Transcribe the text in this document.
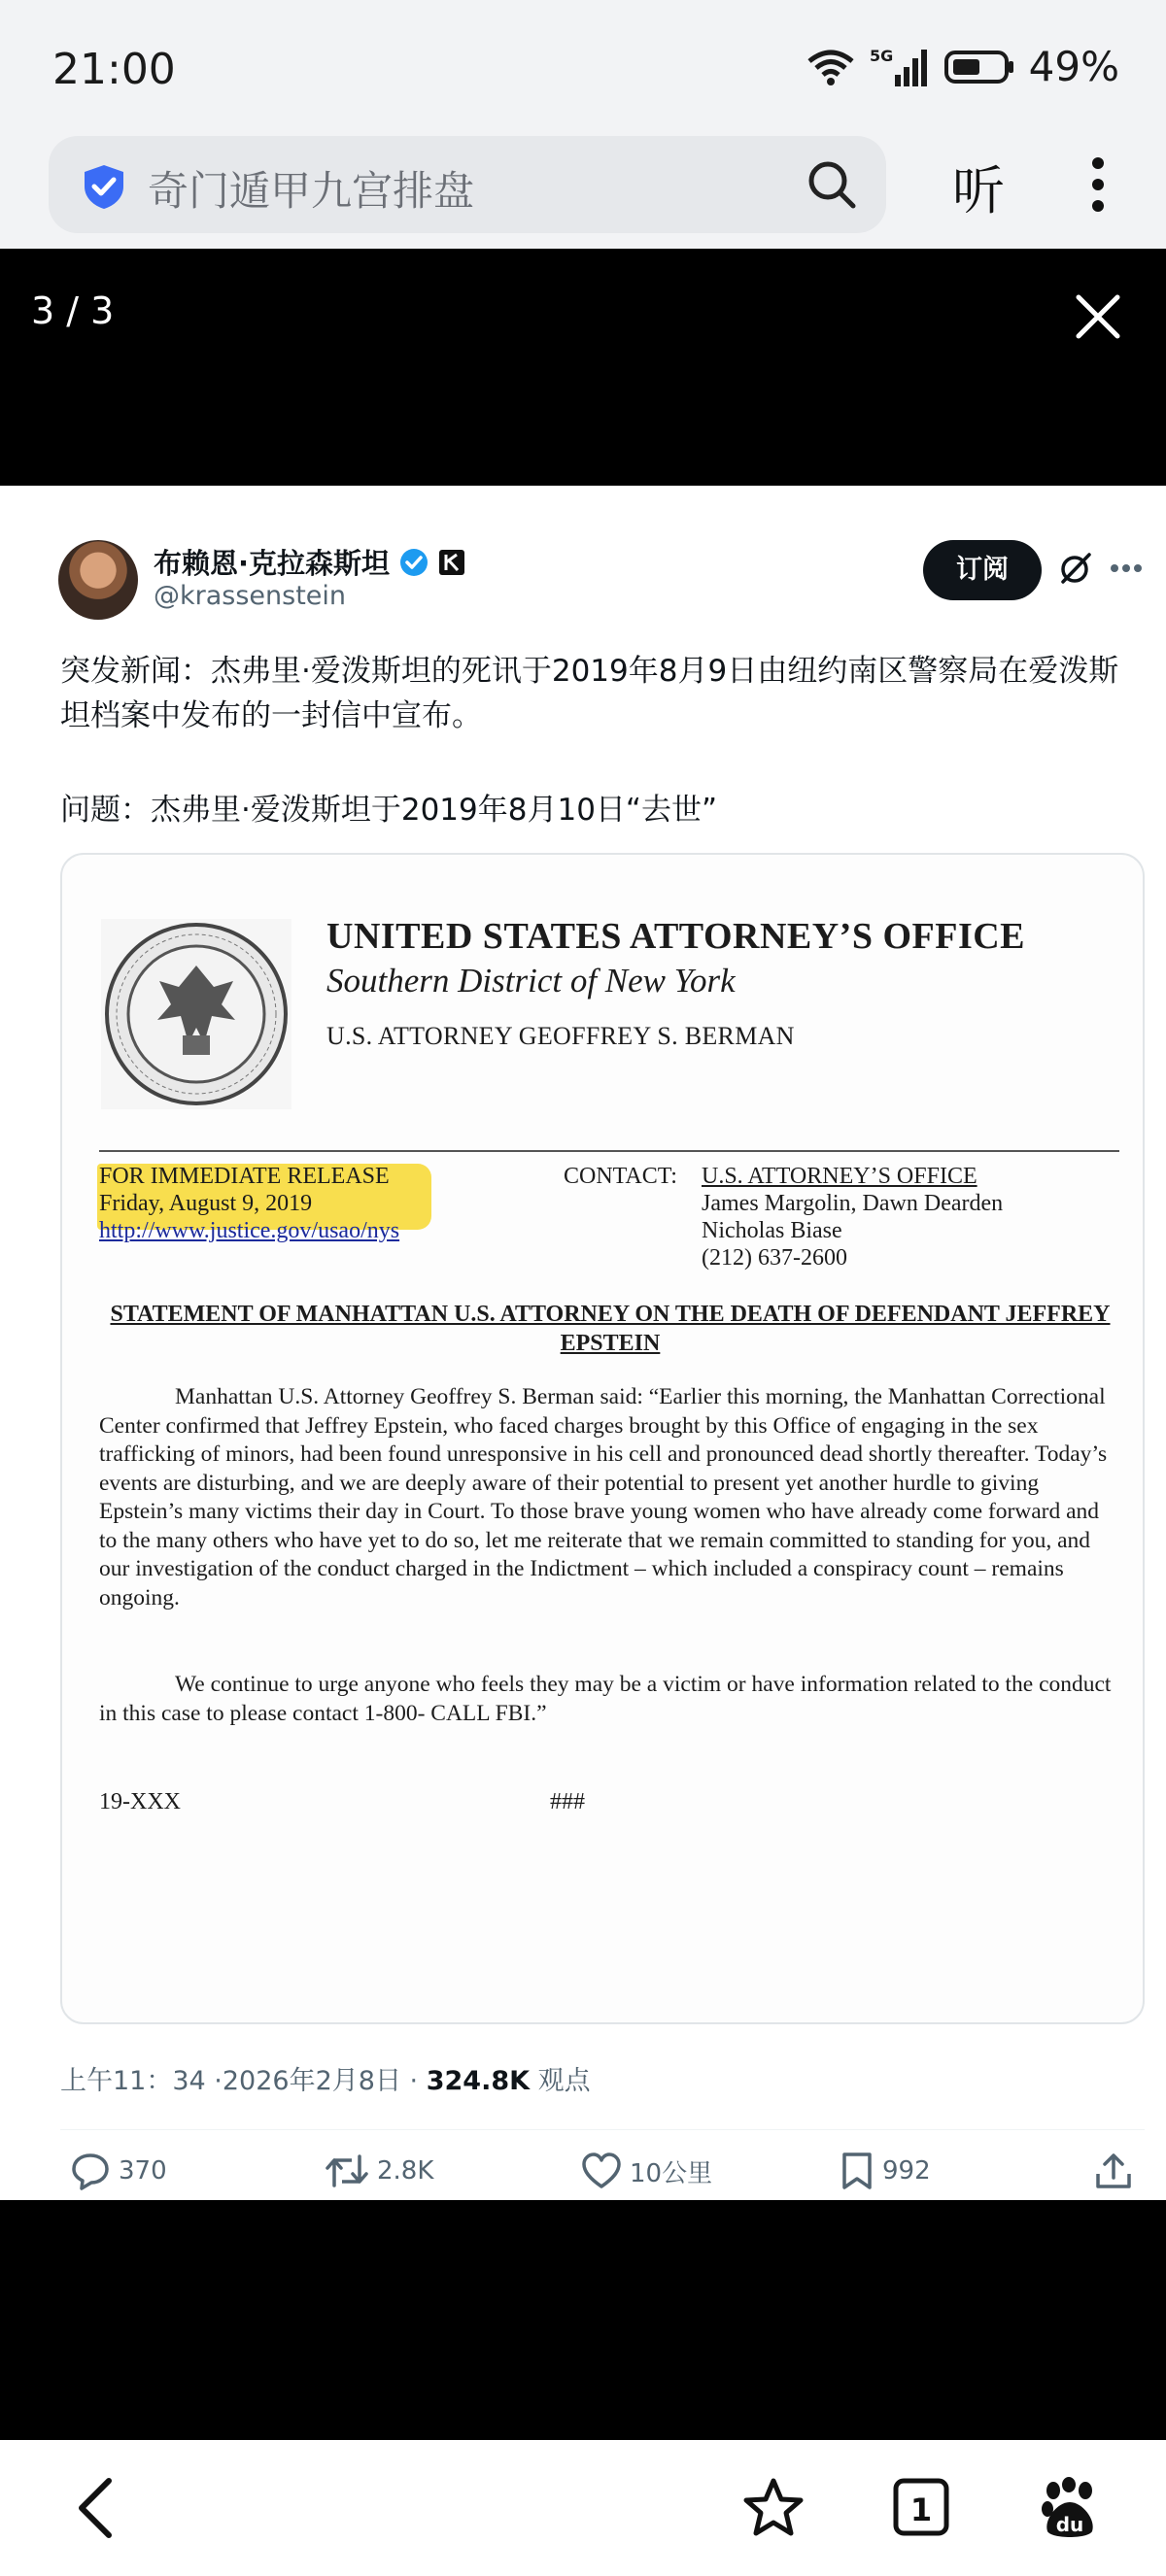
21:00	5G	49%
奇门遁甲九宫排盘	听
3 / 3
布赖恩·克拉森斯坦
@krassenstein
订阅
突发新闻：杰弗里·爱泼斯坦的死讯于2019年8月9日由纽约南区警察局在爱泼斯坦档案中发布的一封信中宣布。
问题：杰弗里·爱泼斯坦于2019年8月10日“去世”
UNITED STATES ATTORNEY’S OFFICE
Southern District of New York
U.S. ATTORNEY GEOFFREY S. BERMAN
FOR IMMEDIATE RELEASE
Friday, August 9, 2019
http://www.justice.gov/usao/nys
CONTACT: U.S. ATTORNEY’S OFFICE
James Margolin, Dawn Dearden
Nicholas Biase
(212) 637-2600
STATEMENT OF MANHATTAN U.S. ATTORNEY ON THE DEATH OF DEFENDANT JEFFREY EPSTEIN
Manhattan U.S. Attorney Geoffrey S. Berman said: “Earlier this morning, the Manhattan Correctional Center confirmed that Jeffrey Epstein, who faced charges brought by this Office of engaging in the sex trafficking of minors, had been found unresponsive in his cell and pronounced dead shortly thereafter. Today’s events are disturbing, and we are deeply aware of their potential to present yet another hurdle to giving Epstein’s many victims their day in Court. To those brave young women who have already come forward and to the many others who have yet to do so, let me reiterate that we remain committed to standing for you, and our investigation of the conduct charged in the Indictment – which included a conspiracy count – remains ongoing.
We continue to urge anyone who feels they may be a victim or have information related to the conduct in this case to please contact 1-800- CALL FBI.”
19-XXX	###
上午11：34 ·2026年2月8日 · 324.8K 观点
370	2.8K	10公里	992
1	du
